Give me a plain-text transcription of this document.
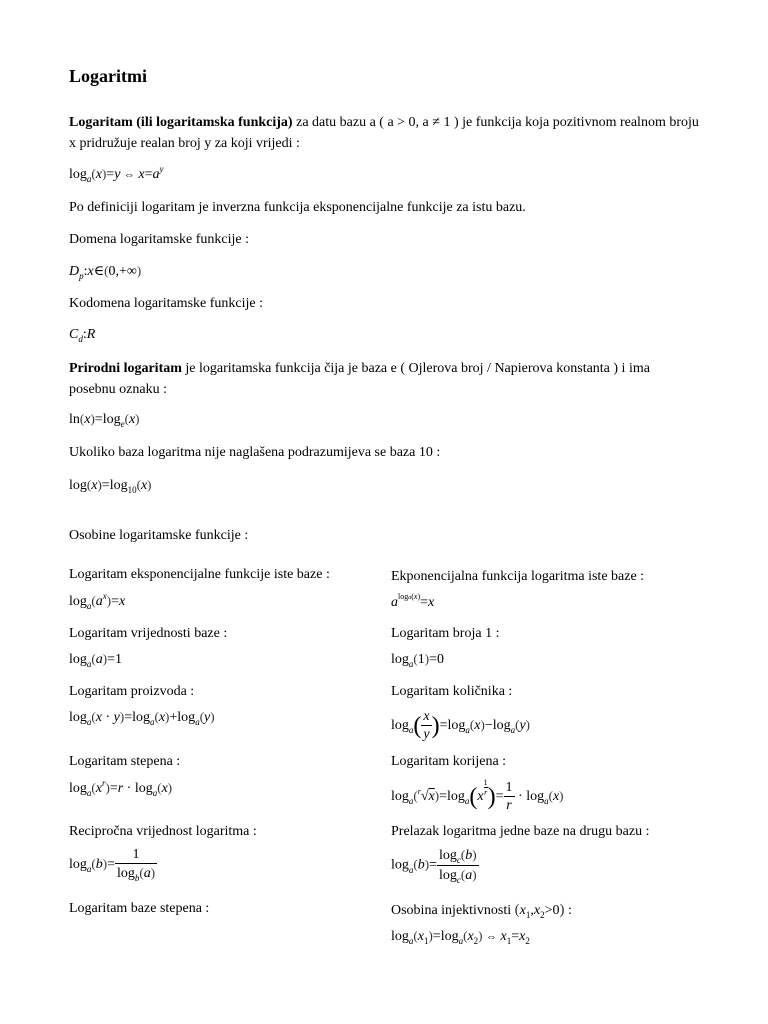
Logaritmi
Logaritam (ili logaritamska funkcija) za datu bazu a ( a > 0, a ≠ 1 ) je funkcija koja pozitivnom realnom broju x pridružuje realan broj y za koji vrijedi :
$\log_a(x)=y$ ⇔ $x=a^y$
Po definiciji logaritam je inverzna funkcija eksponencijalne funkcije za istu bazu.
Domena logaritamske funkcije :
$D_p:x\in(0,+\infty)$
Kodomena logaritamske funkcije :
$C_d:R$
Prirodni logaritam je logaritamska funkcija čija je baza e ( Ojlerova broj / Napierova konstanta ) i ima posebnu oznaku :
$\ln(x)=\log_e(x)$
Ukoliko baza logaritma nije naglašena podrazumijeva se baza 10 :
$\log(x)=\log_{10}(x)$
Osobine logaritamske funkcije :
Logaritam eksponencijalne funkcije iste baze :
$\log_a(a^x)=x$
Ekponencijalna funkcija logaritma iste baze :
$a^{loga(x)}=x$
Logaritam vrijednosti baze :
$\log_a(a)=1$
Logaritam broja 1 :
$\log_a(1)=0$
Logaritam proizvoda :
$\log_a(x \cdot y)=\log_a(x)+\log_a(y)$
Logaritam količnika :
$\log_a( \frac{x}{y} )=\log_a(x)-\log_a(y)$
Logaritam stepena :
$\log_a(x^r)=r \cdot \log_a(x)$
Logaritam korijena :
$\log_a(^r√x)=\log_a(x \frac{1}{r}$ )= $\frac{1}{r} \cdot \log_a(x)$
Recipročna vrijednost logaritma :
$\log_a(b)= \frac{1}{\log_b(a)}$
Prelazak logaritma jedne baze na drugu bazu :
$\log_a(b)= \frac{\log_c(b)}{\log_c(a)}$
Logaritam baze stepena :	Osobina injektivnosti $(x_1,x_2>0)$ :
$\log_a(x_1)=\log_a(x_2)$ ⇔ $x_1=x_2$
